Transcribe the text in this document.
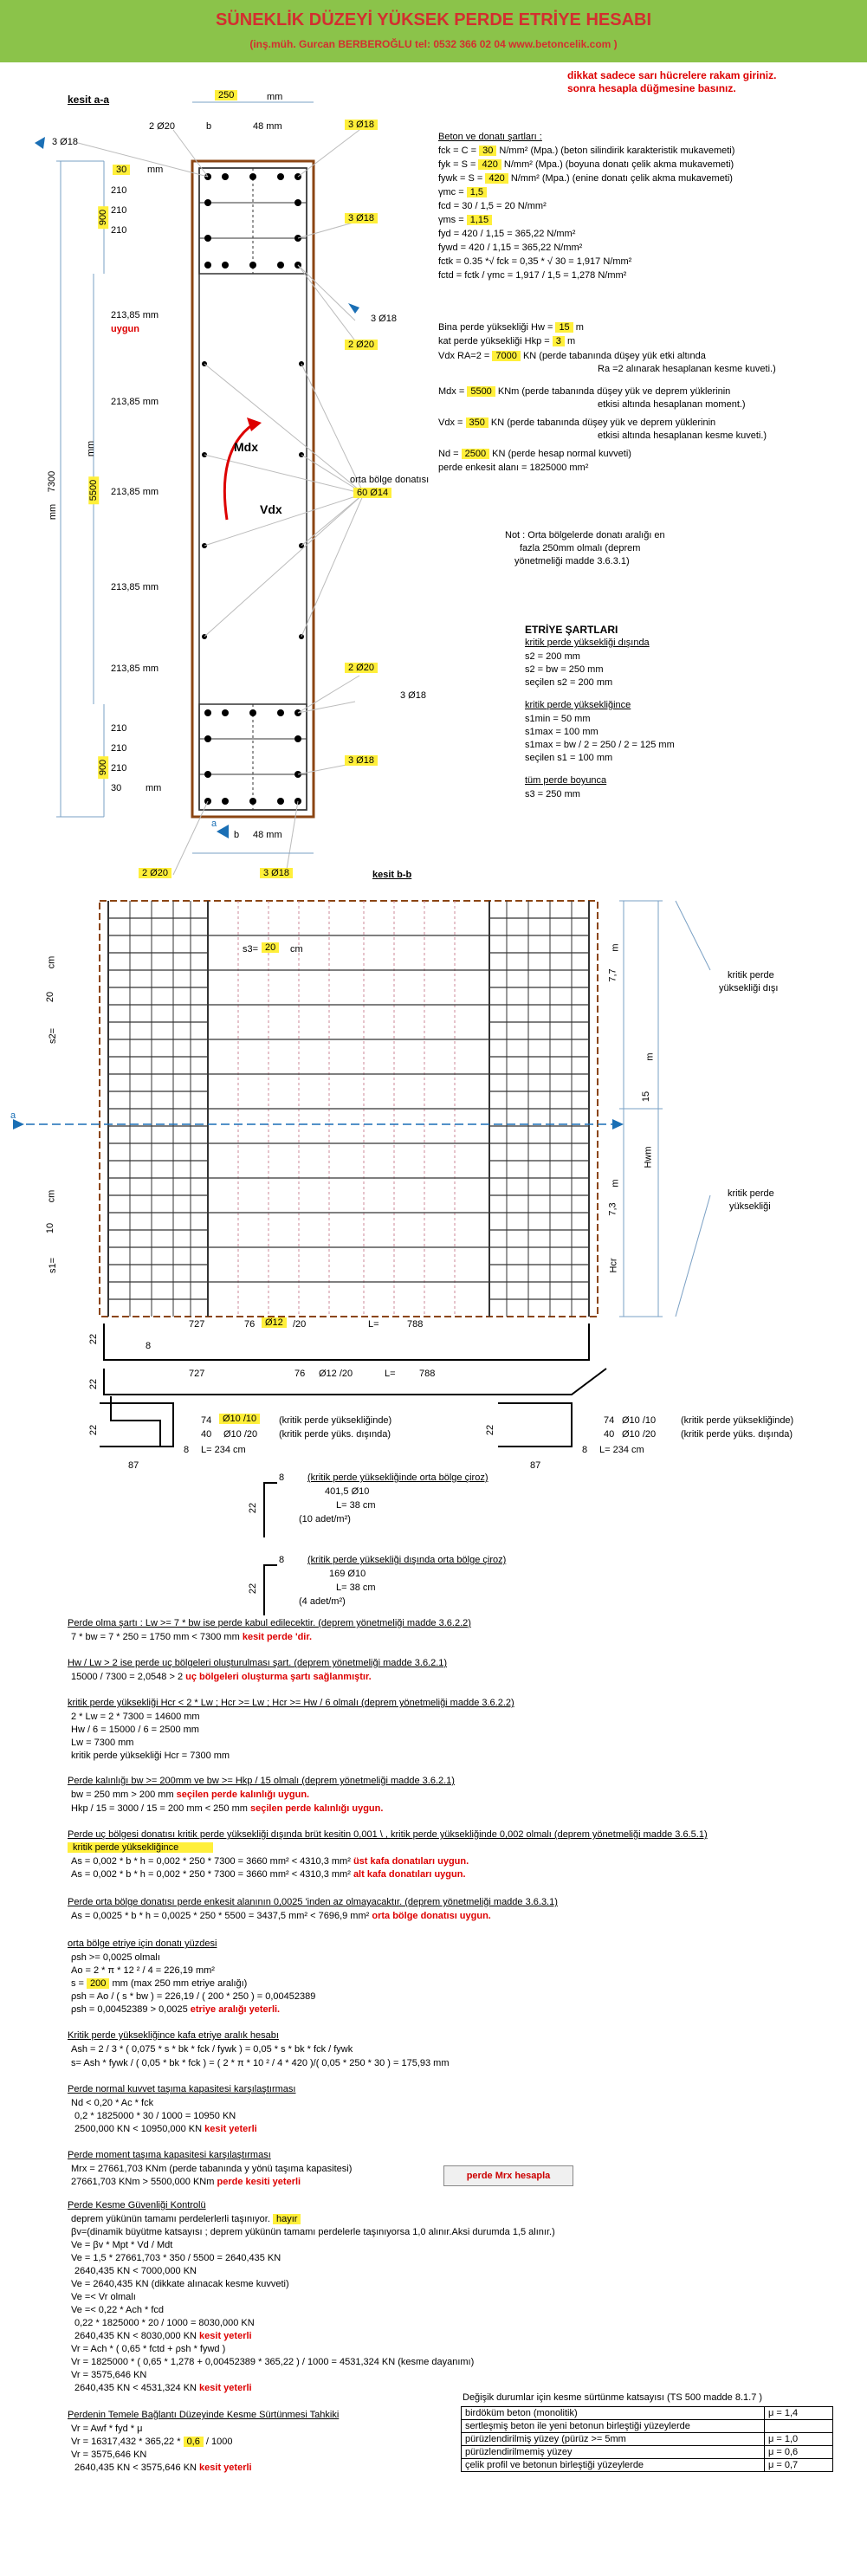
SÜNEKLİK DÜZEYİ YÜKSEK PERDE ETRİYE HESABI
(inş.müh. Gurcan BERBEROĞLU tel: 0532 366 02 04 www.betoncelik.com )
dikkat sadece sarı hücrelere rakam giriniz.
sonra hesapla düğmesine basınız.
kesit a-a	250	mm
2 Ø20	b	48 mm	3 Ø18
3 Ø18
30	mm
210
210
210
900	3 Ø18
3 Ø18
2 Ø20
213,85 mm
uygun
213,85 mm
213,85 mm
213,85 mm
213,85 mm
7300
mm
5500
mm
orta bölge donatısı
60 Ø14
Mdx
Vdx
2 Ø20
3 Ø18
3 Ø18
210
210
210
900
30	mm
b 48 mm
a
2 Ø20	3 Ø18	kesit b-b
Beton ve donatı şartları :
fck = C = 30 N/mm² (Mpa.) (beton silindirik karakteristik mukavemeti)
fyk = S = 420 N/mm² (Mpa.) (boyuna donatı çelik akma mukavemeti)
fywk = S = 420 N/mm² (Mpa.) (enine donatı çelik akma mukavemeti)
γmc = 1,5
fcd = 30 / 1,5 = 20 N/mm²
γms = 1,15
fyd = 420 / 1,15 = 365,22 N/mm²
fywd = 420 / 1,15 = 365,22 N/mm²
fctk = 0.35 *√ fck = 0,35 * √ 30 = 1,917 N/mm²
fctd = fctk / γmc = 1,917 / 1,5 = 1,278 N/mm²
Bina perde yüksekliği Hw = 15 m
kat perde yüksekliği Hkp = 3 m
Vdx RA=2 = 7000 KN (perde tabanında düşey yük etki altında
Ra =2 alınarak hesaplanan kesme kuveti.)
Mdx = 5500 KNm (perde tabanında düşey yük ve deprem yüklerinin
etkisi altında hesaplanan moment.)
Vdx = 350 KN (perde tabanında düşey yük ve deprem yüklerinin
etkisi altında hesaplanan kesme kuveti.)
Nd = 2500 KN (perde hesap normal kuvveti)
perde enkesit alanı = 1825000 mm²
Not : Orta bölgelerde donatı aralığı en
fazla 250mm olmalı (deprem
yönetmeliği madde 3.6.3.1)
ETRİYE ŞARTLARI
kritik perde yüksekliği dışında
s2 = 200 mm
s2 = bw = 250 mm
seçilen s2 = 200 mm
kritik perde yüksekliğince
s1min = 50 mm
s1max = 100 mm
s1max = bw / 2 = 250 / 2 = 125 mm
seçilen s1 = 100 mm
tüm perde boyunca
s3 = 250 mm
s3= 20	cm
cm
20
s2=
cm
10
s1=
a
7,7
m
15
m
Hwm
7,3
m
Hcr
kritik perde
yüksekliği dışı
kritik perde
yüksekliği
727	76	Ø12	/20	L=	788
22
8
727	76 Ø12 /20	L= 788
22
74	Ø10 /10
40 Ø10 /20
(kritik perde yüksekliğinde)
(kritik perde yüks. dışında)
22
8 L= 234 cm
87
74 Ø10 /10
40 Ø10 /20
(kritik perde yüksekliğinde)
(kritik perde yüks. dışında)
22
8 L= 234 cm
87
8 (kritik perde yüksekliğinde orta bölge çiroz)
401,5 Ø10
L= 38 cm
(10 adet/m²)
22
8 (kritik perde yüksekliği dışında orta bölge çiroz)
169 Ø10
L= 38 cm
(4 adet/m²)
22
Perde olma şartı : Lw >= 7 * bw ise perde kabul edilecektir. (deprem yönetmeliği madde 3.6.2.2)
7 * bw = 7 * 250 = 1750 mm < 7300 mm kesit perde 'dir.
Hw / Lw > 2 ise perde uç bölgeleri oluşturulması şart. (deprem yönetmeliği madde 3.6.2.1)
15000 / 7300 = 2,0548 > 2 uç bölgeleri oluşturma şartı sağlanmıştır.
kritik perde yüksekliği Hcr < 2 * Lw ; Hcr >= Lw ; Hcr >= Hw / 6 olmalı (deprem yönetmeliği madde 3.6.2.2)
2 * Lw = 2 * 7300 = 14600 mm
Hw / 6 = 15000 / 6 = 2500 mm
Lw = 7300 mm
kritik perde yüksekliği Hcr = 7300 mm
Perde kalınlığı bw >= 200mm ve bw >= Hkp / 15 olmalı (deprem yönetmeliği madde 3.6.2.1)
bw = 250 mm > 200 mm seçilen perde kalınlığı uygun.
Hkp / 15 = 3000 / 15 = 200 mm < 250 mm seçilen perde kalınlığı uygun.
Perde uç bölgesi donatısı kritik perde yüksekliği dışında brüt kesitin 0,001 \ , kritik perde yüksekliğinde 0,002 olmalı (deprem yönetmeliği madde 3.6.5.1)
kritik perde yüksekliğince
As = 0,002 * b * h = 0,002 * 250 * 7300 = 3660 mm² < 4310,3 mm² üst kafa donatıları uygun.
As = 0,002 * b * h = 0,002 * 250 * 7300 = 3660 mm² < 4310,3 mm² alt kafa donatıları uygun.
Perde orta bölge donatısı perde enkesit alanının 0,0025 'inden az olmayacaktır. (deprem yönetmeliği madde 3.6.3.1)
As = 0,0025 * b * h = 0,0025 * 250 * 5500 = 3437,5 mm² < 7696,9 mm² orta bölge donatısı uygun.
orta bölge etriye için donatı yüzdesi
ρsh >= 0,0025 olmalı
Ao = 2 * π * 12 ² / 4 = 226,19 mm²
s = 200 mm (max 250 mm etriye aralığı)
ρsh = Ao / ( s * bw ) = 226,19 / ( 200 * 250 ) = 0,00452389
ρsh = 0,00452389 > 0,0025 etriye aralığı yeterli.
Kritik perde yüksekliğince kafa etriye aralık hesabı
Ash = 2 / 3 * ( 0,075 * s * bk * fck / fywk ) = 0,05 * s * bk * fck / fywk
s= Ash * fywk / ( 0,05 * bk * fck ) = ( 2 * π * 10 ² / 4 * 420 )/( 0,05 * 250 * 30 ) = 175,93 mm
Perde normal kuvvet taşıma kapasitesi karşılaştırması
Nd < 0,20 * Ac * fck
0,2 * 1825000 * 30 / 1000 = 10950 KN
2500,000 KN < 10950,000 KN kesit yeterli
Perde moment taşıma kapasitesi karşılaştırması
Mrx = 27661,703 KNm (perde tabanında y yönü taşıma kapasitesi)
27661,703 KNm > 5500,000 KNm perde kesiti yeterli
perde Mrx hesapla
Perde Kesme Güvenliği Kontrolü
deprem yükünün tamamı perdelerlerli taşınıyor. hayır
βv=(dinamik büyütme katsayısı ; deprem yükünün tamamı perdelerle taşınıyorsa 1,0 alınır.Aksi durumda 1,5 alınır.)
Ve = βv * Mpt * Vd / Mdt
Ve = 1,5 * 27661,703 * 350 / 5500 = 2640,435 KN
2640,435 KN < 7000,000 KN
Ve = 2640,435 KN (dikkate alınacak kesme kuvveti)
Ve =< Vr olmalı
Ve =< 0,22 * Ach * fcd
0,22 * 1825000 * 20 / 1000 = 8030,000 KN
2640,435 KN < 8030,000 KN kesit yeterli
Vr = Ach * ( 0,65 * fctd + ρsh * fywd )
Vr = 1825000 * ( 0,65 * 1,278 + 0,00452389 * 365,22 ) / 1000 = 4531,324 KN (kesme dayanımı)
Vr = 3575,646 KN
2640,435 KN < 4531,324 KN kesit yeterli
Perdenin Temele Bağlantı Düzeyinde Kesme Sürtünmesi Tahkiki
Vr = Awf * fyd * μ
Vr = 16317,432 * 365,22 * 0,6 / 1000
Vr = 3575,646 KN
2640,435 KN < 3575,646 KN kesit yeterli
Değişik durumlar için kesme sürtünme katsayısı (TS 500 madde 8.1.7 )
birdöküm beton (monolitik)	μ = 1,4
sertleşmiş beton ile yeni betonun birleştiği yüzeylerde	
pürüzlendirilmiş yüzey (pürüz >= 5mm	μ = 1,0
pürüzlendirilmemiş yüzey	μ = 0,6
çelik profil ve betonun birleştiği yüzeylerde	μ = 0,7
